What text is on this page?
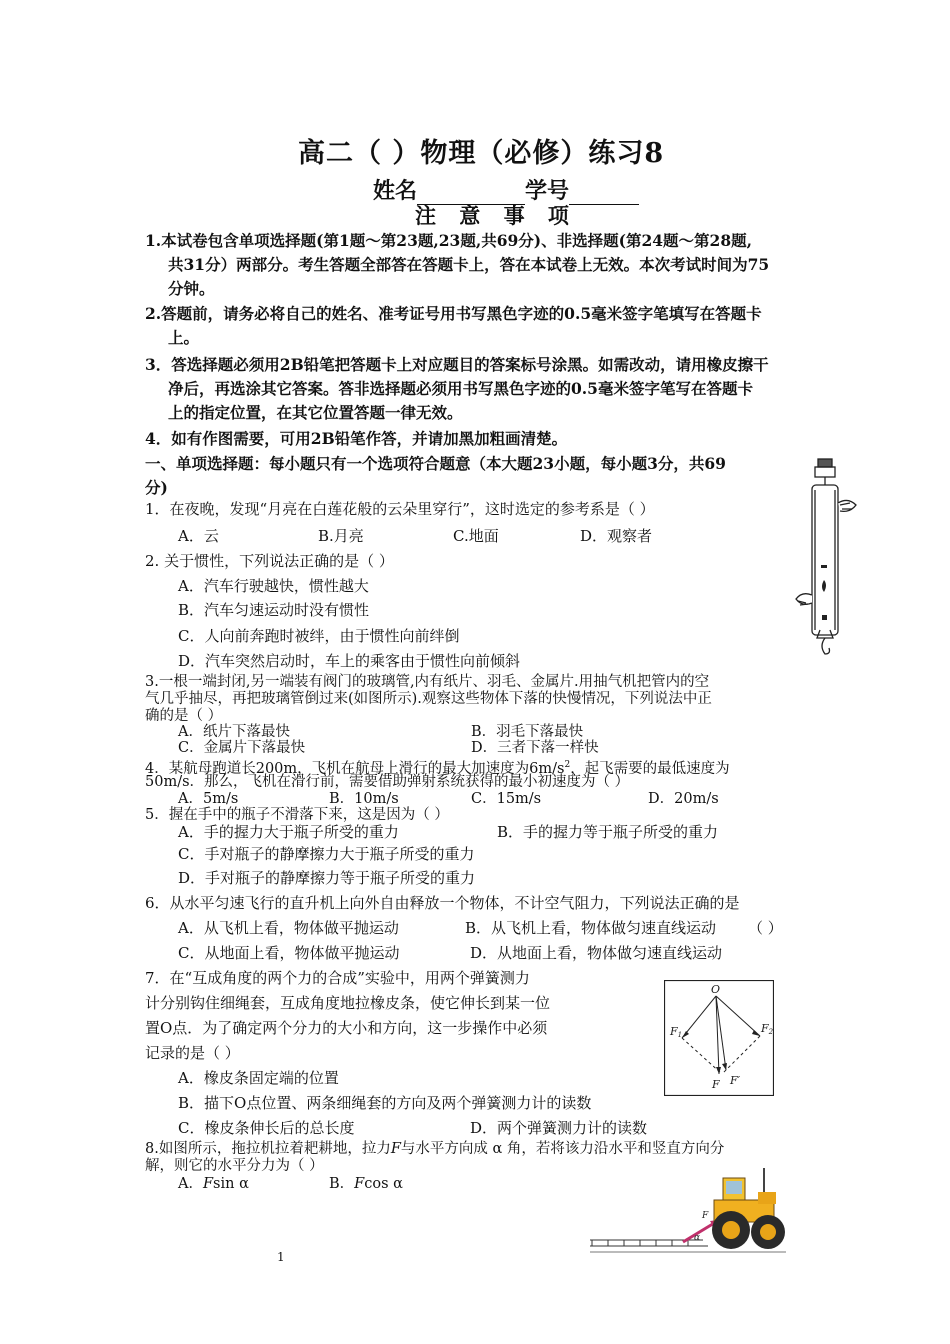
高二（ ）物理（必修）练习8
姓名	学号
注 意 事 项
1.本试卷包含单项选择题(第1题～第23题,23题,共69分)、非选择题(第24题～第28题,
共31分）两部分。考生答题全部答在答题卡上，答在本试卷上无效。本次考试时间为75
分钟。
2.答题前，请务必将自己的姓名、准考证号用书写黑色字迹的0.5毫米签字笔填写在答题卡
上。
3．答选择题必须用2B铅笔把答题卡上对应题目的答案标号涂黑。如需改动，请用橡皮擦干
净后，再选涂其它答案。答非选择题必须用书写黑色字迹的0.5毫米签字笔写在答题卡
上的指定位置，在其它位置答题一律无效。
4．如有作图需要，可用2B铅笔作答，并请加黑加粗画清楚。
一、单项选择题：每小题只有一个选项符合题意（本大题23小题，每小题3分，共69
分)
1．在夜晚，发现“月亮在白莲花般的云朵里穿行”，这时选定的参考系是（ ）
A．云	B.月亮	C.地面	D．观察者
2. 关于惯性，下列说法正确的是（ ）
A．汽车行驶越快，惯性越大
B．汽车匀速运动时没有惯性
C．人向前奔跑时被绊，由于惯性向前绊倒
D．汽车突然启动时，车上的乘客由于惯性向前倾斜
3.一根一端封闭,另一端装有阀门的玻璃管,内有纸片、羽毛、金属片.用抽气机把管内的空
气几乎抽尽，再把玻璃管倒过来(如图所示).观察这些物体下落的快慢情况，下列说法中正
确的是（ ）
A．纸片下落最快	B．羽毛下落最快
C．金属片下落最快	D．三者下落一样快
4．某航母跑道长200m，飞机在航母上滑行的最大加速度为$6m/s^2$，起飞需要的最低速度为
50m/s．那么，飞机在滑行前，需要借助弹射系统获得的最小初速度为（ ）
A．5m/s	B．10m/s	C．15m/s	D．20m/s
5．握在手中的瓶子不滑落下来，这是因为（ ）
A．手的握力大于瓶子所受的重力	B．手的握力等于瓶子所受的重力
C．手对瓶子的静摩擦力大于瓶子所受的重力
D．手对瓶子的静摩擦力等于瓶子所受的重力
6．从水平匀速飞行的直升机上向外自由释放一个物体，不计空气阻力，下列说法正确的是
A．从飞机上看，物体做平抛运动	B．从飞机上看，物体做匀速直线运动 （ ）
C．从地面上看，物体做平抛运动	D．从地面上看，物体做匀速直线运动
7．在“互成角度的两个力的合成”实验中，用两个弹簧测力
计分别钩住细绳套，互成角度地拉橡皮条，使它伸长到某一位
置O点．为了确定两个分力的大小和方向，这一步操作中必须
记录的是（ ）
A．橡皮条固定端的位置
B．描下O点位置、两条细绳套的方向及两个弹簧测力计的读数
C．橡皮条伸长后的总长度	D．两个弹簧测力计的读数
8.如图所示，拖拉机拉着耙耕地，拉力F与水平方向成 α 角，若将该力沿水平和竖直方向分
解，则它的水平分力为（ ）
A．Fsin α	B．Fcos α
1
O
F1	F2
F F′
F
α
